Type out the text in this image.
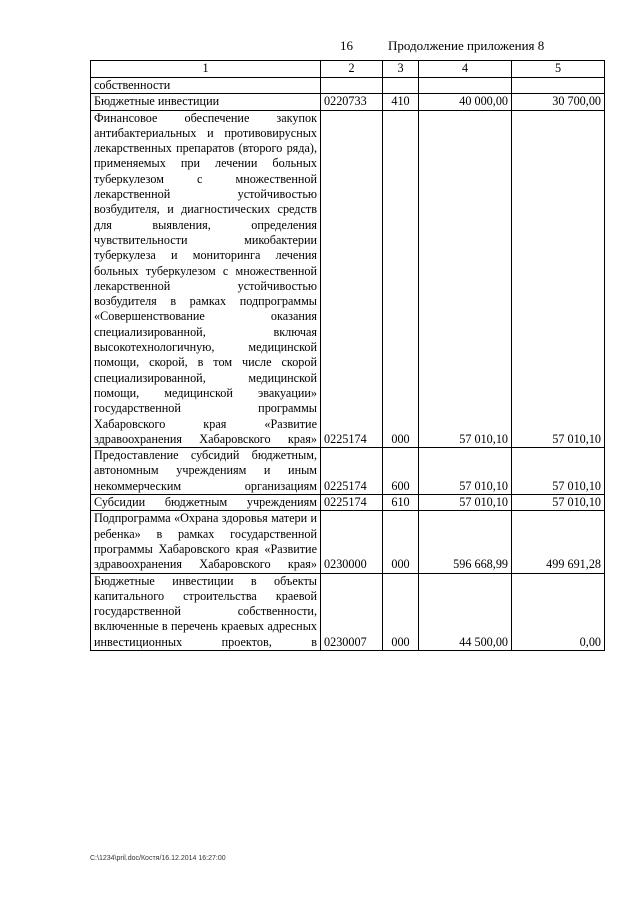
16	Продолжение приложения 8
1	2	3	4	5
собственности				
Бюджетные инвестиции	0220733	410	40 000,00	30 700,00
Финансовое обеспечение закупок антибактериальных и противовирусных лекарственных препаратов (второго ряда), применяемых при лечении больных туберкулезом с множественной лекарственной устойчивостью возбудителя, и диагностических средств для выявления, определения чувствительности микобактерии туберкулеза и мониторинга лечения больных туберкулезом с множественной лекарственной устойчивостью возбудителя в рамках подпрограммы «Совершенствование оказания специализированной, включая высокотехнологичную, медицинской помощи, скорой, в том числе скорой специализированной, медицинской помощи, медицинской эвакуации» государственной программы Хабаровского края «Развитие здравоохранения Хабаровского края»	0225174	000	57 010,10	57 010,10
Предоставление субсидий бюджетным, автономным учреждениям и иным некоммерческим организациям	0225174	600	57 010,10	57 010,10
Субсидии бюджетным учреждениям	0225174	610	57 010,10	57 010,10
Подпрограмма «Охрана здоровья матери и ребенка» в рамках государственной программы Хабаровского края «Развитие здравоохранения Хабаровского края»	0230000	000	596 668,99	499 691,28
Бюджетные инвестиции в объекты капитального строительства краевой государственной собственности, включенные в перечень краевых адресных инвестиционных проектов, в	0230007	000	44 500,00	0,00
C:\1234\pril.doc/Костя/16.12.2014 16:27:00
